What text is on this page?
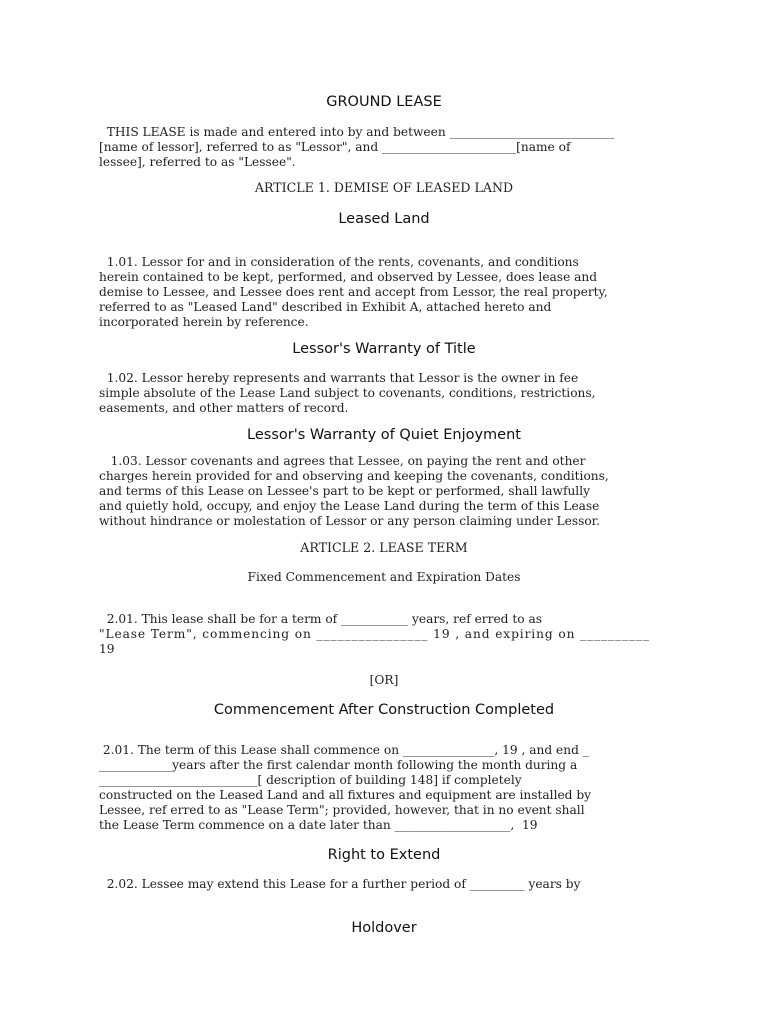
GROUND LEASE
THIS LEASE is made and entered into by and between ___________________________
[name of lessor], referred to as "Lessor", and ______________________[name of
lessee], referred to as "Lessee".
ARTICLE 1. DEMISE OF LEASED LAND
Leased Land
1.01. Lessor for and in consideration of the rents, covenants, and conditions
herein contained to be kept, performed, and observed by Lessee, does lease and
demise to Lessee, and Lessee does rent and accept from Lessor, the real property,
referred to as "Leased Land" described in Exhibit A, attached hereto and
incorporated herein by reference.
Lessor's Warranty of Title
1.02. Lessor hereby represents and warrants that Lessor is the owner in fee
simple absolute of the Lease Land subject to covenants, conditions, restrictions,
easements, and other matters of record.
Lessor's Warranty of Quiet Enjoyment
1.03. Lessor covenants and agrees that Lessee, on paying the rent and other
charges herein provided for and observing and keeping the covenants, conditions,
and terms of this Lease on Lessee's part to be kept or performed, shall lawfully
and quietly hold, occupy, and enjoy the Lease Land during the term of this Lease
without hindrance or molestation of Lessor or any person claiming under Lessor.
ARTICLE 2. LEASE TERM
Fixed Commencement and Expiration Dates
2.01. This lease shall be for a term of ___________ years, ref erred to as
"Lease Term", commencing on ________________ 19 , and expiring on __________
19
[OR]
Commencement After Construction Completed
2.01. The term of this Lease shall commence on _______________, 19 , and end _
____________years after the first calendar month following the month during a
__________________________[ description of building 148] if completely
constructed on the Leased Land and all fixtures and equipment are installed by
Lessee, ref erred to as "Lease Term"; provided, however, that in no event shall
the Lease Term commence on a date later than ___________________,  19
Right to Extend
2.02. Lessee may extend this Lease for a further period of _________ years by
Holdover
